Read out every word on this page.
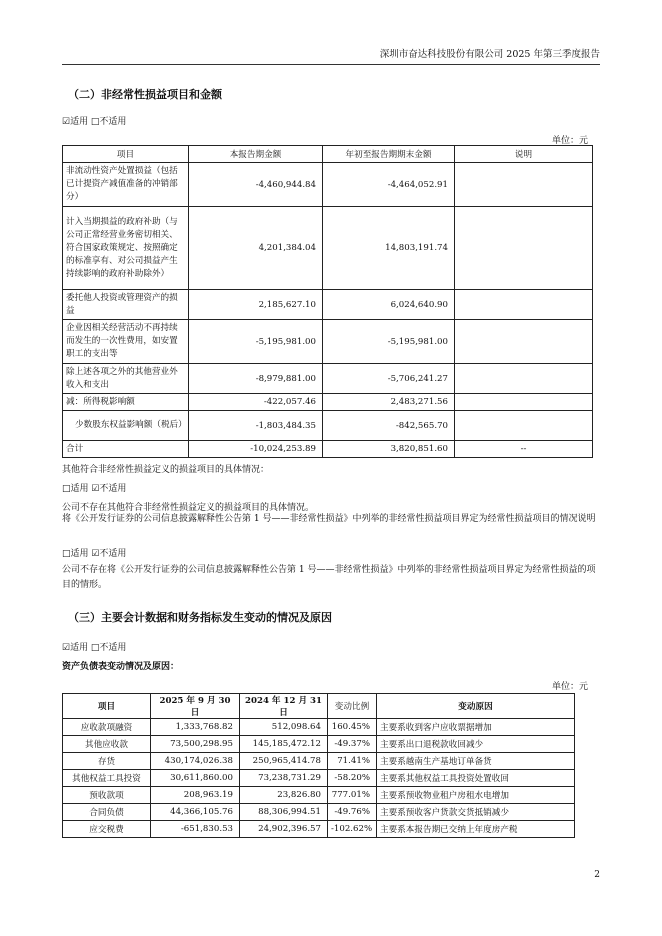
深圳市奋达科技股份有限公司 2025 年第三季度报告
（二）非经常性损益项目和金额
☑适用 □不适用
单位：元
项目	本报告期金额	年初至报告期期末金额	说明
非流动性资产处置损益（包括已计提资产减值准备的冲销部分）	-4,460,944.84	-4,464,052.91	
计入当期损益的政府补助（与公司正常经营业务密切相关、符合国家政策规定、按照确定的标准享有、对公司损益产生持续影响的政府补助除外）	4,201,384.04	14,803,191.74	
委托他人投资或管理资产的损益	2,185,627.10	6,024,640.90	
企业因相关经营活动不再持续而发生的一次性费用，如安置职工的支出等	-5,195,981.00	-5,195,981.00	
除上述各项之外的其他营业外收入和支出	-8,979,881.00	-5,706,241.27	
减：所得税影响额	-422,057.46	2,483,271.56	
少数股东权益影响额（税后）	-1,803,484.35	-842,565.70	
合计	-10,024,253.89	3,820,851.60	--
其他符合非经常性损益定义的损益项目的具体情况：
□适用 ☑不适用
公司不存在其他符合非经常性损益定义的损益项目的具体情况。
将《公开发行证券的公司信息披露解释性公告第 1 号——非经常性损益》中列举的非经常性损益项目界定为经常性损益项目的情况说明
□适用 ☑不适用
公司不存在将《公开发行证券的公司信息披露解释性公告第 1 号——非经常性损益》中列举的非经常性损益项目界定为经常性损益的项目的情形。
（三）主要会计数据和财务指标发生变动的情况及原因
☑适用 □不适用
资产负债表变动情况及原因：
单位：元
项目	2025 年 9 月 30 日	2024 年 12 月 31 日	变动比例	变动原因
应收款项融资	1,333,768.82	512,098.64	160.45%	主要系收到客户应收票据增加
其他应收款	73,500,298.95	145,185,472.12	-49.37%	主要系出口退税款收回减少
存货	430,174,026.38	250,965,414.78	71.41%	主要系越南生产基地订单备货
其他权益工具投资	30,611,860.00	73,238,731.29	-58.20%	主要系其他权益工具投资处置收回
预收款项	208,963.19	23,826.80	777.01%	主要系预收物业租户房租水电增加
合同负债	44,366,105.76	88,306,994.51	-49.76%	主要系预收客户货款交货抵销减少
应交税费	-651,830.53	24,902,396.57	-102.62%	主要系本报告期已交纳上年度房产税
2
